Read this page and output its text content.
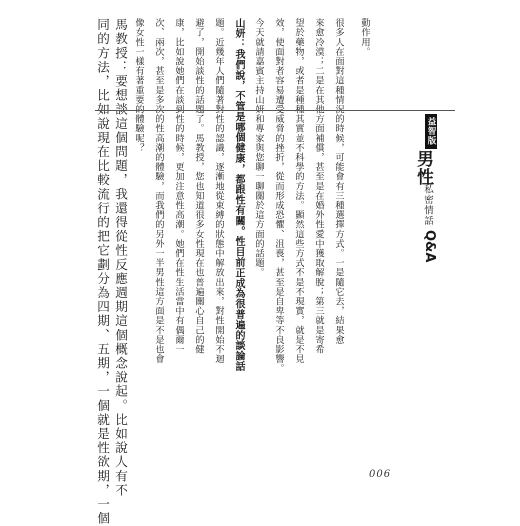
動作用。
很多人在面對這種情況的時候，可能會有三種選擇方式。一是隨它去，結果愈
來愈冷漠；二是在其他方面補償，甚至是在婚外性愛中獲取解脫；第三就是寄希
望於藥物，或者是種種其實並不科學的方法。顯然這些方式不是不現實，就是不見
效，使面對者容易遭受威脅的挫折，從而形成恐懼、沮喪，甚至是自卑等不良影響。
今天就請嘉賓主持山妍和專家與您聊一聊關於這方面的話題。
山妍：我們說，不管是哪個健康，都跟性有關。性目前正成為很普遍的談論話
題。近幾年人們隨著對性的認識，逐漸地從束縛的狀態中解放出來，對性開始不迴
避了，開始談性的話題了。馬教授，您也知道很多女性現在也普遍關心自己的健
康，比如說她們在談到性的時候，更加注意性高潮。她們在性生活當中有偶爾一
次、兩次，甚至是多次的性高潮的體驗，而我們的另外一半男性這方面是不是也會
像女性一樣有著重要的體驗呢？
馬教授：要想談這個問題，我還得從性反應週期這個概念說起。比如說人有不
同的方法，比如說現在比較流行的把它劃分為四期、五期，一個就是性欲期，一個	益智版
男性
私密情話
Q&A
006
